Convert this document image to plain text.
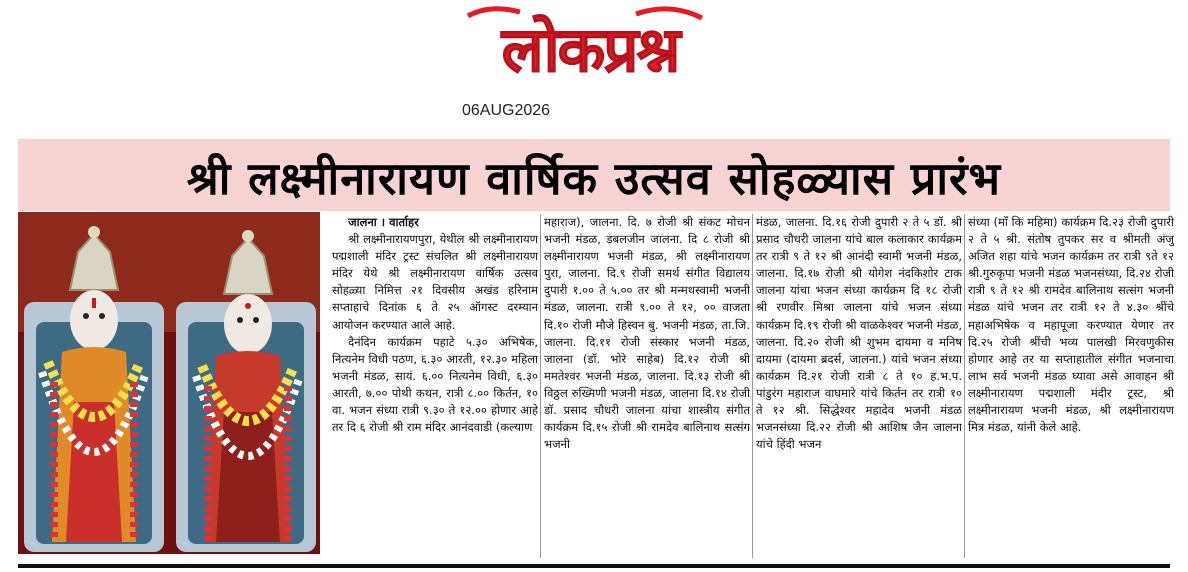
लोकप्रश्न
06AUG2026
श्री लक्ष्मीनारायण वार्षिक उत्सव सोहळ्यास प्रारंभ
जालना । वार्ताहर

श्री लक्ष्मीनारायणपुरा, येथील श्री लक्ष्मीनारायण पद्मशाली मंदिर ट्रस्ट संचलित श्री लक्ष्मीनारायण मंदिर येथे श्री लक्ष्मीनारायण वार्षिक उत्सव सोहळ्या निमित्त २१ दिवसीय अखंड हरिनाम सप्ताहाचे दिनांक ६ ते २५ ऑगस्ट दरम्यान आयोजन करण्यात आले आहे.

दैनंदिन कार्यक्रम पहाटे ५.३० अभिषेक, नित्यनेम विधी पठण, ६.३० आरती, १२.३० महिला भजनी मंडळ, सायं. ६.०० नित्यनेम विधी, ६.३० आरती, ७.०० पोथी कथन, रात्री ८.०० किर्तन, १० वा. भजन संध्या रात्री ९.३० ते १२.०० होणार आहे तर दि ६ रोजी श्री राम मंदिर आनंदवाडी (कल्याण

महाराज), जालना. दि. ७ रोजी श्री संकट मोचन भजनी मंडळ, डबलजीन जालना. दि ८ रोजी श्री लक्ष्मीनारायण भजनी मंडळ, श्री लक्ष्मीनारायण पुरा, जालना. दि.९ रोजी समर्थ संगीत विद्यालय दुपारी १.०० ते ५.०० तर श्री मन्मथस्वामी भजनी मंडळ, जालना. रात्री ९.०० ते १२, ०० वाजता दि.१० रोजी मौजे हिस्वन बु. भजनी मंडळ, ता.जि. जालना. दि.११ रोजी संस्कार भजनी मंडळ, जालना (डॉ. भोरे साहेब) दि.१२ रोजी श्री ममतेश्वर भजनी मंडळ, जालना. दि.१३ रोजी श्री विठ्ठल रुख्मिणी भजनी मंडळ, जालना दि.१४ रोजी डॉ. प्रसाद चौधरी जालना यांचा शास्त्रीय संगीत कार्यक्रम दि.१५ रोजी श्री रामदेव बालिनाथ सत्संग भजनी

मंडळ, जालना. दि.१६ रोजी दुपारी २ ते ५ डॉ. श्री प्रसाद चौधरी जालना यांचे बाल कलाकार कार्यक्रम तर रात्री ९ ते १२ श्री आनंदी स्वामी भजनी मंडळ, जालना. दि.१७ रोजी श्री योगेश नंदकिशोर टाक जालना यांचा भजन संध्या कार्यक्रम दि १८ रोजी श्री रणवीर मिश्रा जालना यांचे भजन संध्या कार्यक्रम दि.१९ रोजी श्री वाळकेश्वर भजनी मंडळ, जालना. दि.२० रोजी श्री शुभम दायमा व मनिष दायमा (दायमा ब्रदर्स, जालना.) यांचे भजन संध्या कार्यक्रम दि.२१ रोजी रात्री ८ ते १० ह.भ.प. पांडुरंग महाराज वाघमारे यांचे किर्तन तर रात्री १० ते १२ श्री. सिद्धेश्वर महादेव भजनी मंडळ भजनसंध्या दि.२२ रोजी श्री आशिष जैन जालना यांचे हिंदी भजन

संध्या (माँ कि महिमा) कार्यक्रम दि.२३ रोजी दुपारी २ ते ५ श्री. संतोष तुपकर सर व श्रीमती अंजु अजित शहा यांचे भजन कार्यक्रम तर रात्री ९ते १२ श्री.गुरुकृपा भजनी मंडळ भजनसंध्या, दि.२४ रोजी रात्री ९ ते १२ श्री रामदेव बालिनाथ सत्संग भजनी मंडळ यांचे भजन तर रात्री १२ ते ४.३० श्रींचे महाअभिषेक व महापूजा करण्यात येणार तर दि.२५ रोजी श्रींची भव्य पालखी मिरवणुकीस होणार आहे तर या सप्ताहातील संगीत भजनाचा लाभ सर्व भजनी मंडळ घ्यावा असे आवाहन श्री लक्ष्मीनारायण पद्मशाली मंदीर ट्रस्ट, श्री लक्ष्मीनारायण भजनी मंडळ, श्री लक्ष्मीनारायण मित्र मंडळ, यांनी केले आहे.
